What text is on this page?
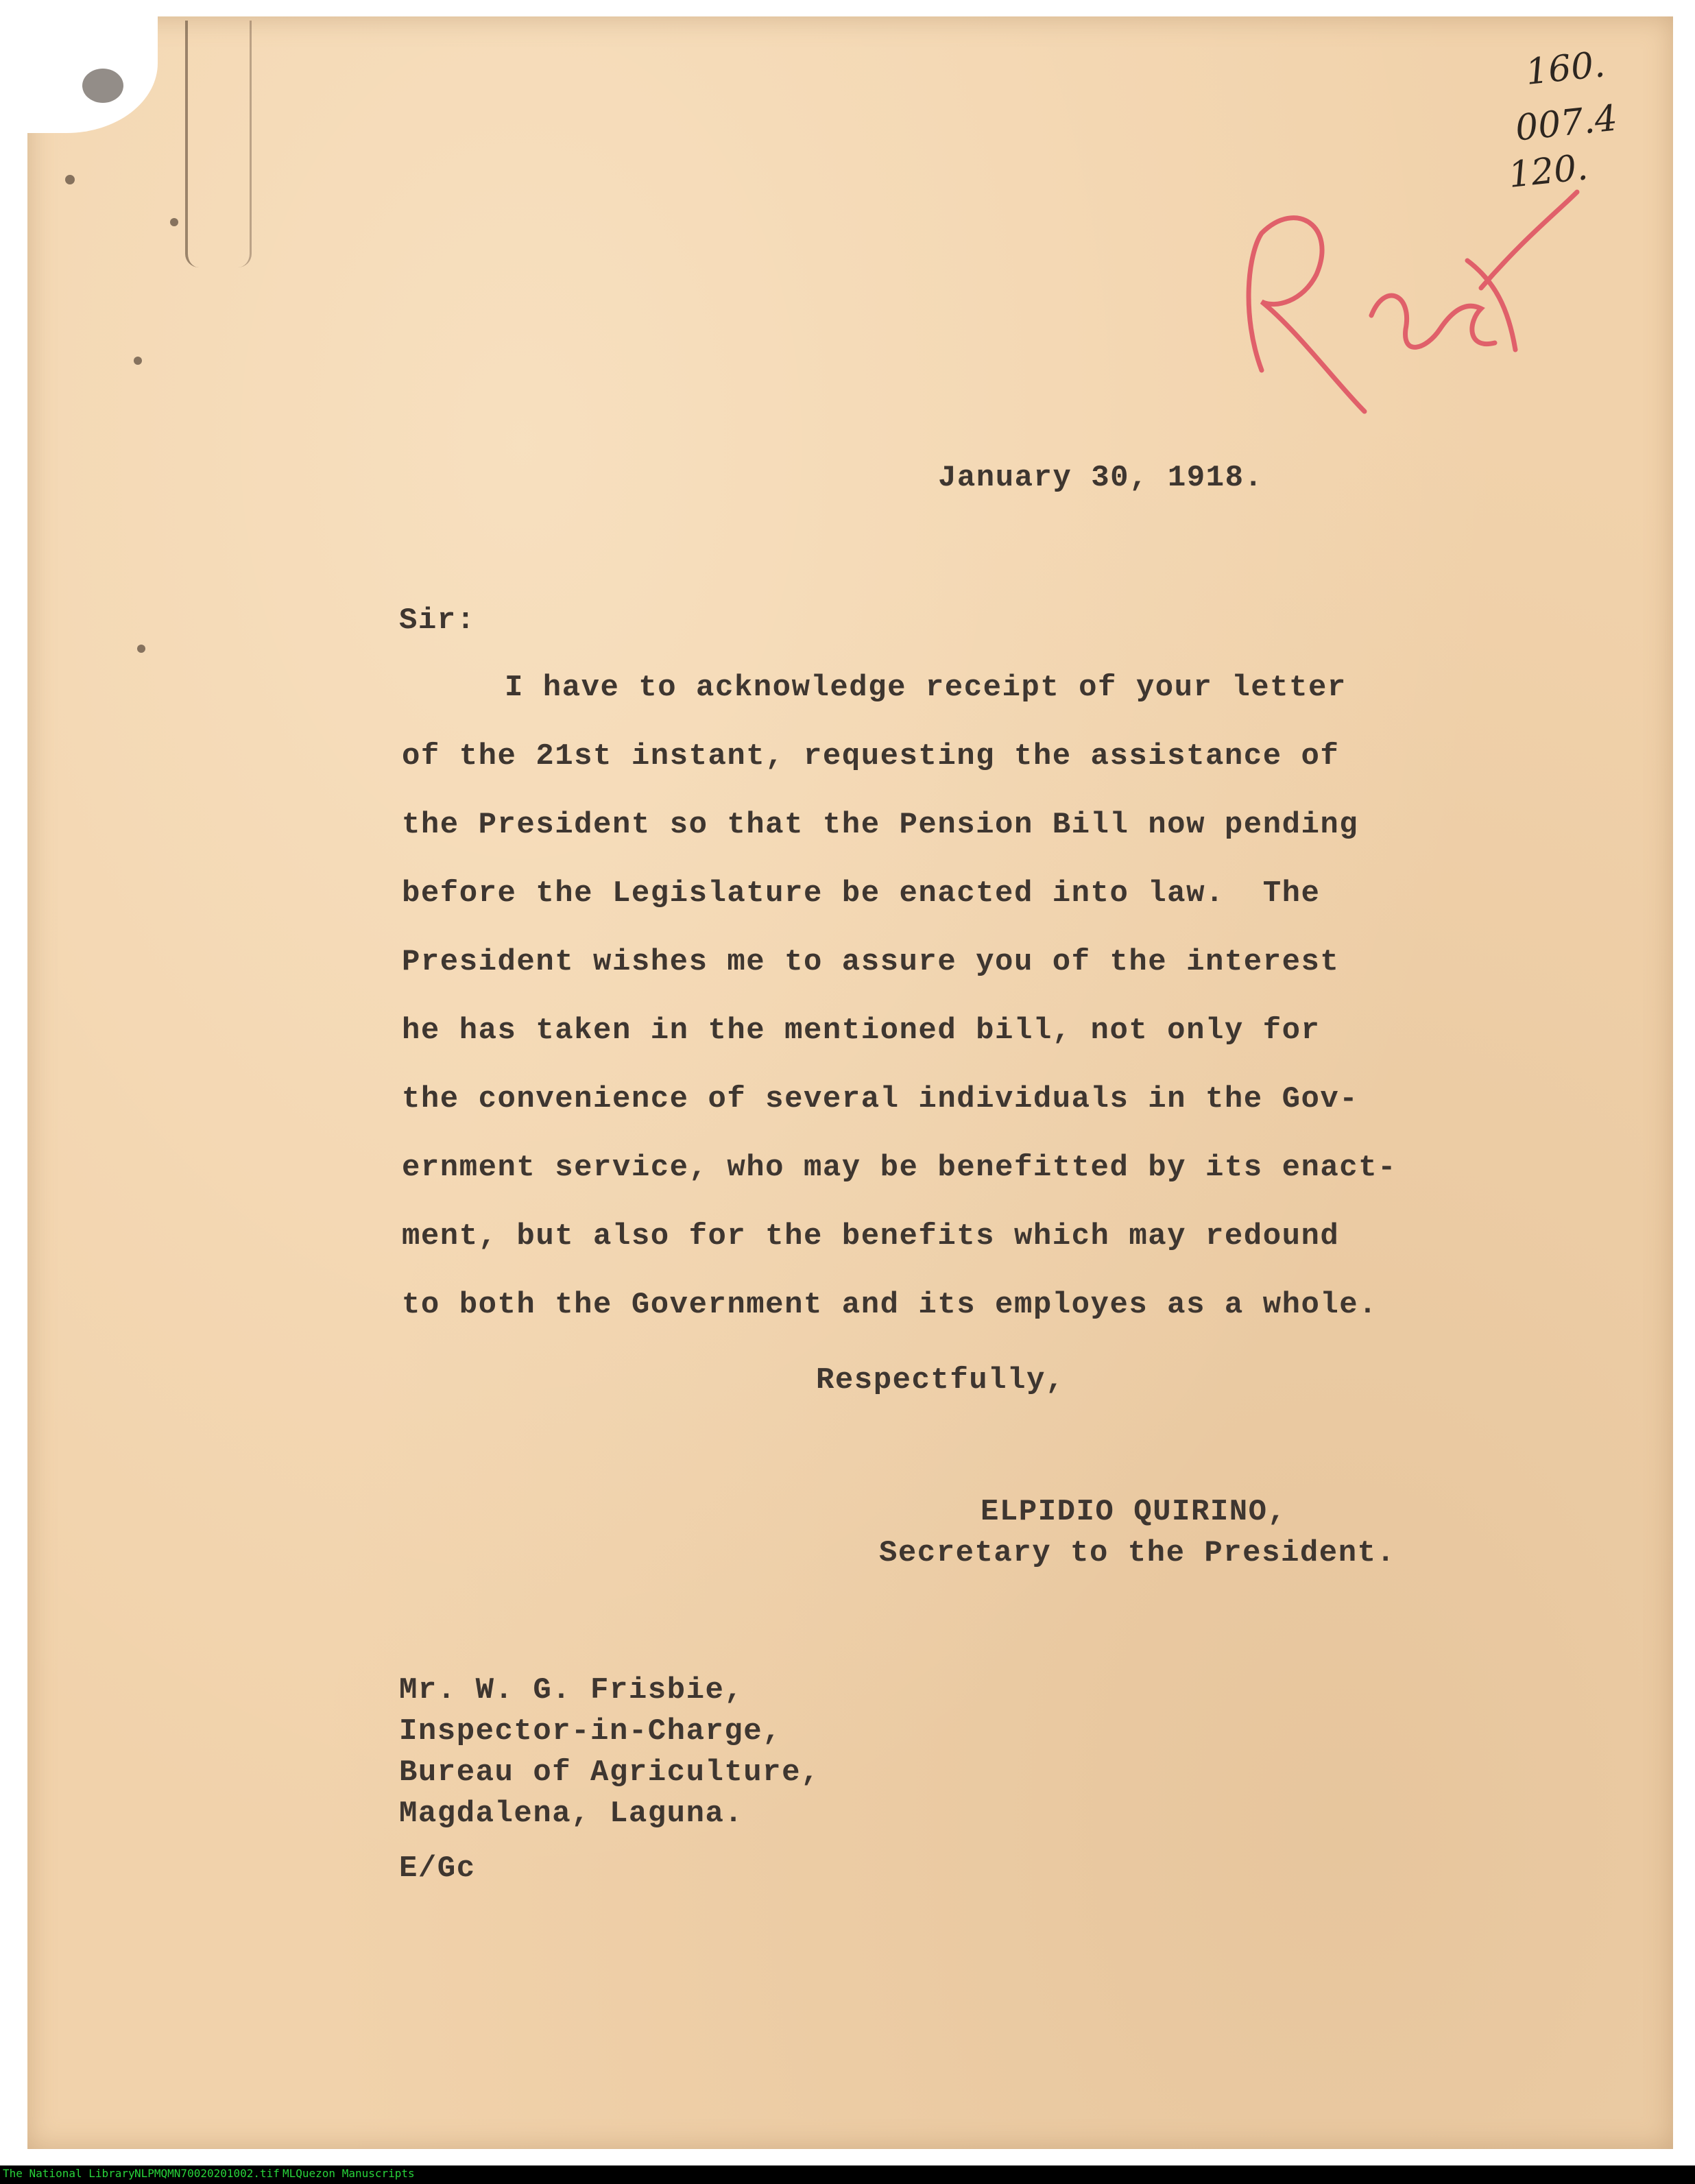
160.
007.4
120.
January 30, 1918.
Sir:
I have to acknowledge receipt of your letter
of the 21st instant, requesting the assistance of
the President so that the Pension Bill now pending
before the Legislature be enacted into law.  The
President wishes me to assure you of the interest
he has taken in the mentioned bill, not only for
the convenience of several individuals in the Gov-
ernment service, who may be benefitted by its enact-
ment, but also for the benefits which may redound
to both the Government and its employes as a whole.
Respectfully,
ELPIDIO QUIRINO,
Secretary to the President.
Mr. W. G. Frisbie,
Inspector-in-Charge,
Bureau of Agriculture,
Magdalena, Laguna.
E/Gc
The National Library NLPMQMN70020201002.tif MLQuezon Manuscripts
